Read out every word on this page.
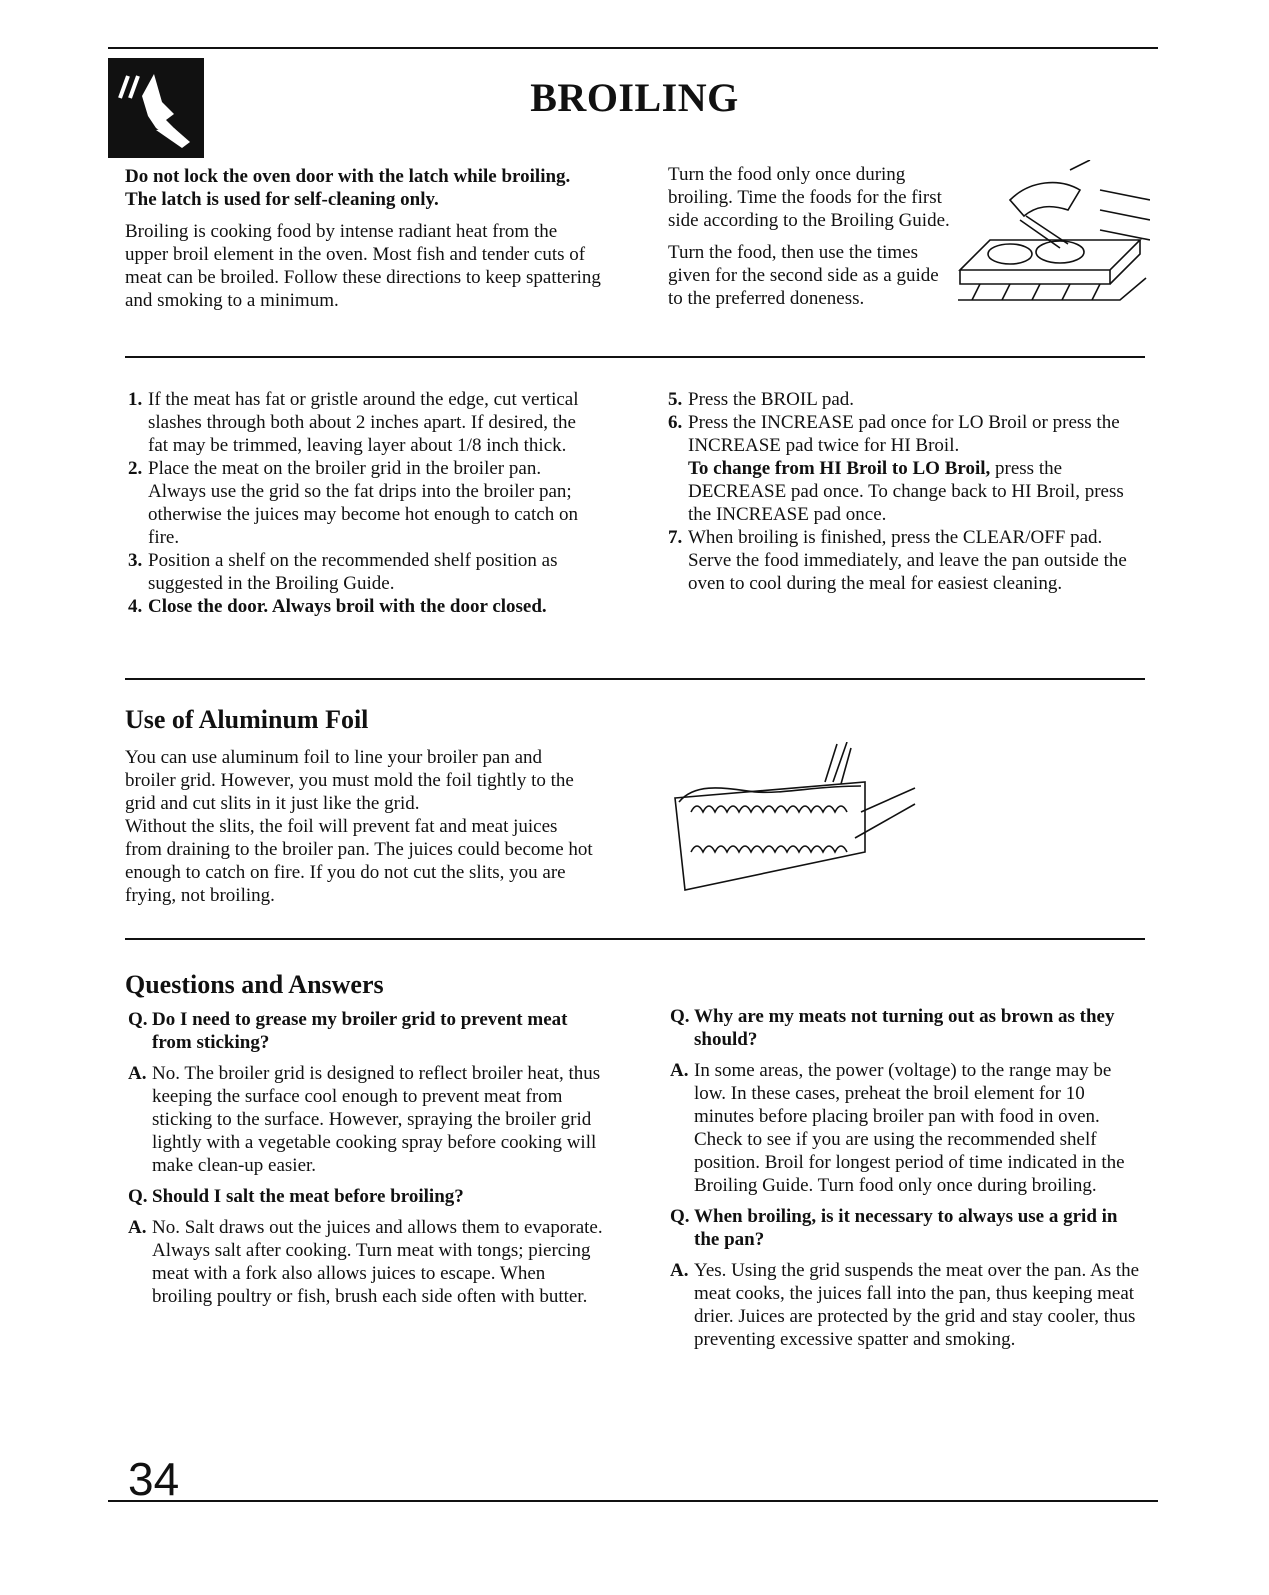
BROILING

Do not lock the oven door with the latch while broiling. The latch is used for self-cleaning only.

Broiling is cooking food by intense radiant heat from the upper broil element in the oven. Most fish and tender cuts of meat can be broiled. Follow these directions to keep spattering and smoking to a minimum.

Turn the food only once during broiling. Time the foods for the first side according to the Broiling Guide.

Turn the food, then use the times given for the second side as a guide to the preferred doneness.

1. If the meat has fat or gristle around the edge, cut vertical slashes through both about 2 inches apart. If desired, the fat may be trimmed, leaving layer about 1/8 inch thick.
2. Place the meat on the broiler grid in the broiler pan. Always use the grid so the fat drips into the broiler pan; otherwise the juices may become hot enough to catch on fire.
3. Position a shelf on the recommended shelf position as suggested in the Broiling Guide.
4. Close the door. Always broil with the door closed.
5. Press the BROIL pad.
6. Press the INCREASE pad once for LO Broil or press the INCREASE pad twice for HI Broil.
To change from HI Broil to LO Broil, press the DECREASE pad once. To change back to HI Broil, press the INCREASE pad once.
7. When broiling is finished, press the CLEAR/OFF pad. Serve the food immediately, and leave the pan outside the oven to cool during the meal for easiest cleaning.
Use of Aluminum Foil

You can use aluminum foil to line your broiler pan and broiler grid. However, you must mold the foil tightly to the grid and cut slits in it just like the grid.

Without the slits, the foil will prevent fat and meat juices from draining to the broiler pan. The juices could become hot enough to catch on fire. If you do not cut the slits, you are frying, not broiling.

Questions and Answers
Q. Do I need to grease my broiler grid to prevent meat from sticking?
A. No. The broiler grid is designed to reflect broiler heat, thus keeping the surface cool enough to prevent meat from sticking to the surface. However, spraying the broiler grid lightly with a vegetable cooking spray before cooking will make clean-up easier.
Q. Should I salt the meat before broiling?
A. No. Salt draws out the juices and allows them to evaporate. Always salt after cooking. Turn meat with tongs; piercing meat with a fork also allows juices to escape. When broiling poultry or fish, brush each side often with butter.
Q. Why are my meats not turning out as brown as they should?
A. In some areas, the power (voltage) to the range may be low. In these cases, preheat the broil element for 10 minutes before placing broiler pan with food in oven. Check to see if you are using the recommended shelf position. Broil for longest period of time indicated in the Broiling Guide. Turn food only once during broiling.
Q. When broiling, is it necessary to always use a grid in the pan?
A. Yes. Using the grid suspends the meat over the pan. As the meat cooks, the juices fall into the pan, thus keeping meat drier. Juices are protected by the grid and stay cooler, thus preventing excessive spatter and smoking.
34
